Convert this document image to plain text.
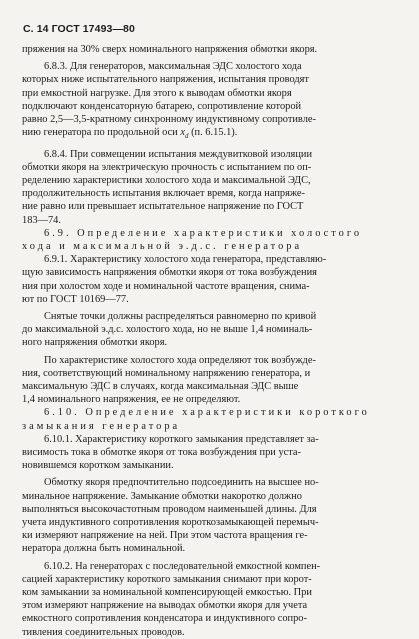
С. 14 ГОСТ 17493—80
пряжения на 30% сверх номинального напряжения обмотки якоря.
6.8.3. Для генераторов, максимальная ЭДС холостого хода
которых ниже испытательного напряжения, испытания проводят
при емкостной нагрузке. Для этого к выводам обмотки якоря
подключают конденсаторную батарею, сопротивление которой
равно 2,5—3,5-кратному синхронному индуктивному сопротивле-
нию генератора по продольной оси $x_d$ (п. 6.15.1).
6.8.4. При совмещении испытания междувитковой изоляции
обмотки якоря на электрическую прочность с испытанием по оп-
ределению характеристики холостого хода и максимальной ЭДС,
продолжительность испытания включает время, когда напряже-
ние равно или превышает испытательное напряжение по ГОСТ
183—74.
6.9. Определение характеристики холостого
хода и максимальной э.д.с. генератора
6.9.1. Характеристику холостого хода генератора, представляю-
щую зависимость напряжения обмотки якоря от тока возбуждения
ния при холостом ходе и номинальной частоте вращения, снима-
ют по ГОСТ 10169—77.
Снятые точки должны распределяться равномерно по кривой
до максимальной э.д.с. холостого хода, но не выше 1,4 номиналь-
ного напряжения обмотки якоря.
По характеристике холостого хода определяют ток возбужде-
ния, соответствующий номинальному напряжению генератора, и
максимальную ЭДС в случаях, когда максимальная ЭДС выше
1,4 номинального напряжения, ее не определяют.
6.10. Определение характеристики короткого
замыкания генератора
6.10.1. Характеристику короткого замыкания представляет за-
висимость тока в обмотке якоря от тока возбуждения при уста-
новившемся коротком замыкании.
Обмотку якоря предпочтительно подсоединить на высшее но-
минальное напряжение. Замыкание обмотки накоротко должно
выполняться высокочастотным проводом наименьшей длины. Для
учета индуктивного сопротивления короткозамыкающей перемыч-
ки измеряют напряжение на ней. При этом частота вращения ге-
нератора должна быть номинальной.
6.10.2. На генераторах с последовательной емкостной компен-
сацией характеристику короткого замыкания снимают при корот-
ком замыкании за номинальной компенсирующей емкостью. При
этом измеряют напряжение на выводах обмотки якоря для учета
емкостного сопротивления конденсатора и индуктивного сопро-
тивления соединительных проводов.
